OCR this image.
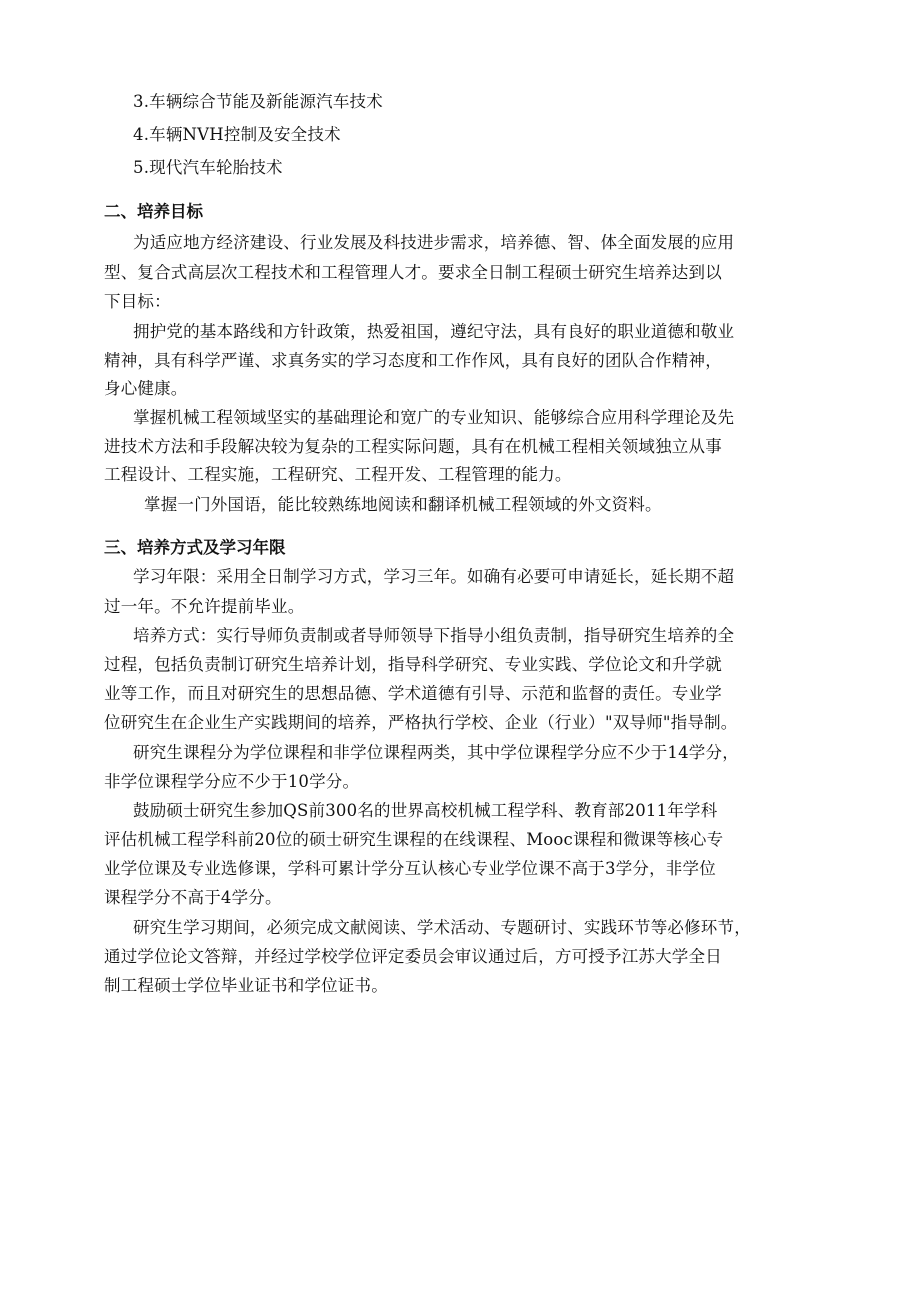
3.车辆综合节能及新能源汽车技术
4.车辆NVH控制及安全技术
5.现代汽车轮胎技术
二、培养目标
为适应地方经济建设、行业发展及科技进步需求，培养德、智、体全面发展的应用
型、复合式高层次工程技术和工程管理人才。要求全日制工程硕士研究生培养达到以
下目标：
拥护党的基本路线和方针政策，热爱祖国，遵纪守法，具有良好的职业道德和敬业
精神，具有科学严谨、求真务实的学习态度和工作作风，具有良好的团队合作精神，
身心健康。
掌握机械工程领域坚实的基础理论和宽广的专业知识、能够综合应用科学理论及先
进技术方法和手段解决较为复杂的工程实际问题，具有在机械工程相关领域独立从事
工程设计、工程实施，工程研究、工程开发、工程管理的能力。
掌握一门外国语，能比较熟练地阅读和翻译机械工程领域的外文资料。
三、培养方式及学习年限
学习年限：采用全日制学习方式，学习三年。如确有必要可申请延长，延长期不超
过一年。不允许提前毕业。
培养方式：实行导师负责制或者导师领导下指导小组负责制，指导研究生培养的全
过程，包括负责制订研究生培养计划，指导科学研究、专业实践、学位论文和升学就
业等工作，而且对研究生的思想品德、学术道德有引导、示范和监督的责任。专业学
位研究生在企业生产实践期间的培养，严格执行学校、企业（行业）"双导师"指导制。
研究生课程分为学位课程和非学位课程两类，其中学位课程学分应不少于14学分，
非学位课程学分应不少于10学分。
鼓励硕士研究生参加QS前300名的世界高校机械工程学科、教育部2011年学科
评估机械工程学科前20位的硕士研究生课程的在线课程、Mooc课程和微课等核心专
业学位课及专业选修课，学科可累计学分互认核心专业学位课不高于3学分，非学位
课程学分不高于4学分。
研究生学习期间，必须完成文献阅读、学术活动、专题研讨、实践环节等必修环节，
通过学位论文答辩，并经过学校学位评定委员会审议通过后，方可授予江苏大学全日
制工程硕士学位毕业证书和学位证书。
